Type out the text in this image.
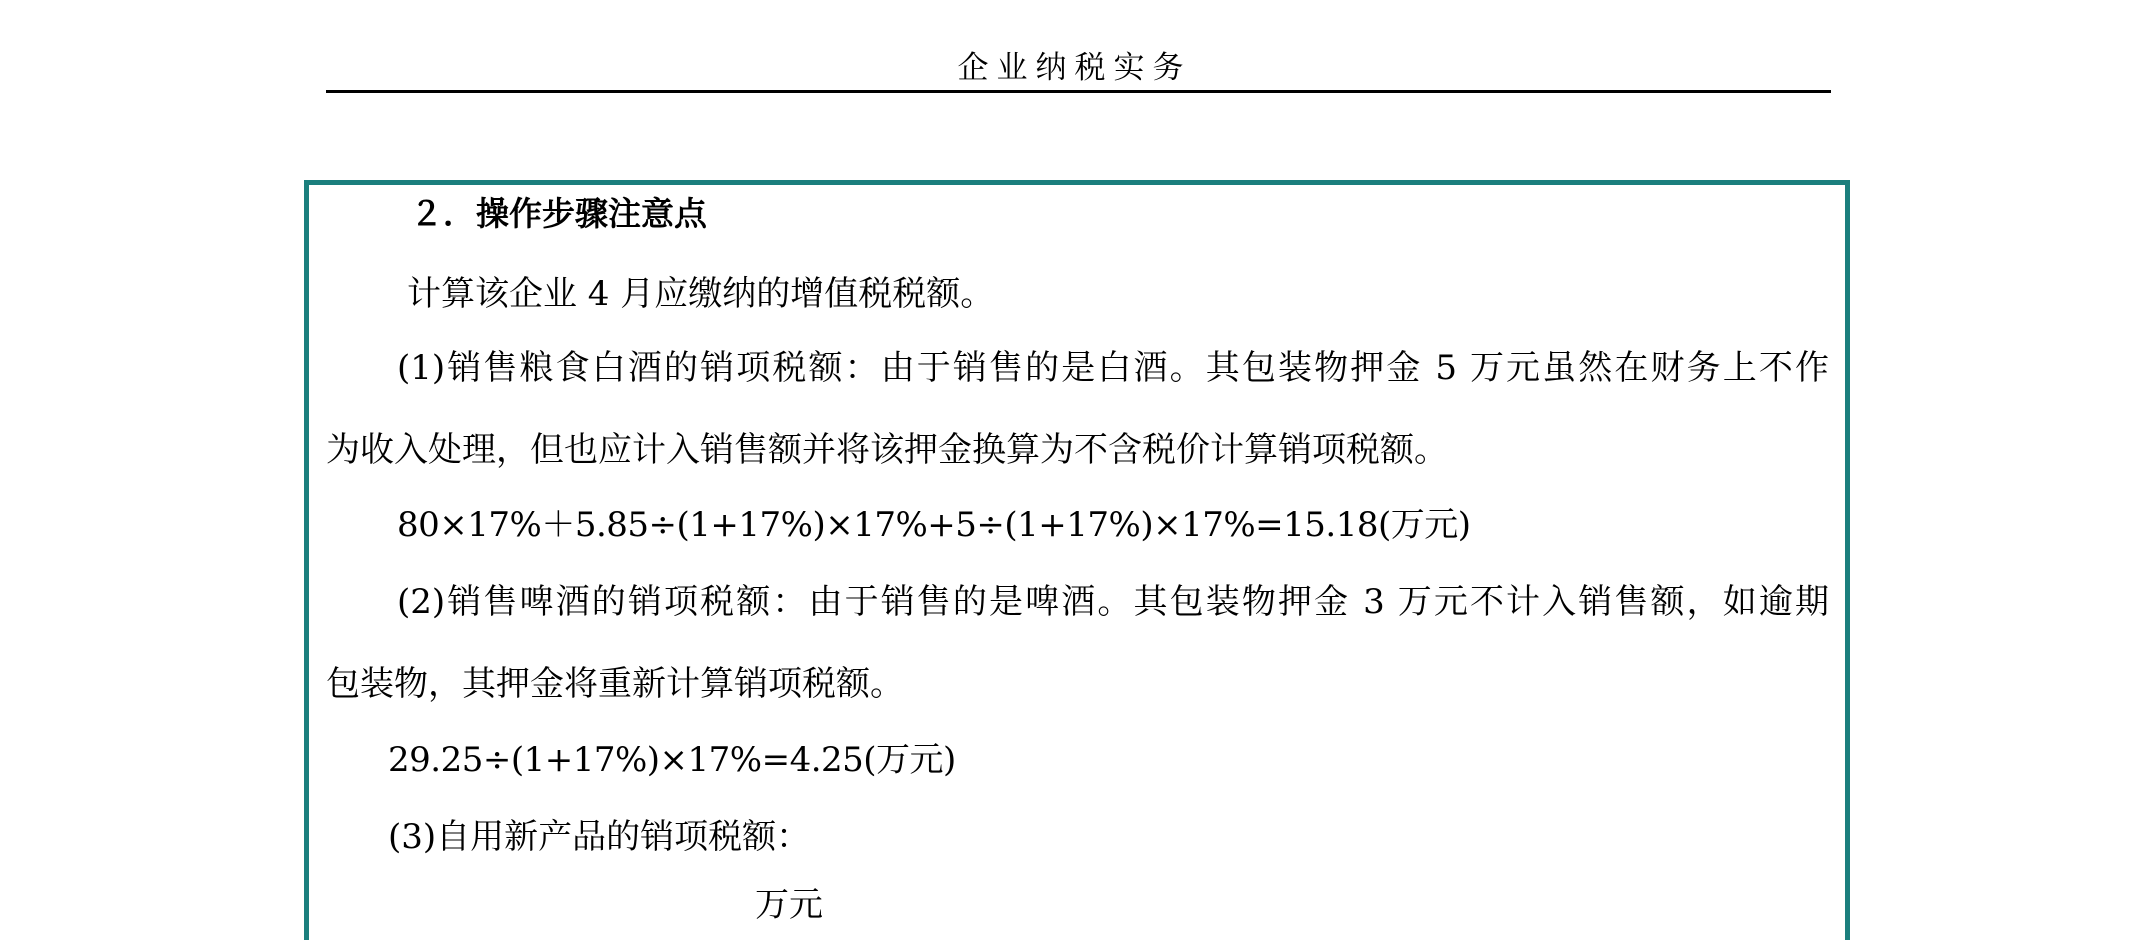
企业纳税实务
２．操作步骤注意点
计算该企业 4 月应缴纳的增值税税额。
(1)销售粮食白酒的销项税额：由于销售的是白酒。其包装物押金 5 万元虽然在财务上不作
为收入处理，但也应计入销售额并将该押金换算为不含税价计算销项税额。
80×17%＋5.85÷(1+17%)×17%+5÷(1+17%)×17%=15.18(万元)
(2)销售啤酒的销项税额：由于销售的是啤酒。其包装物押金 3 万元不计入销售额，如逾期
包装物，其押金将重新计算销项税额。
29.25÷(1+17%)×17%=4.25(万元)
(3)自用新产品的销项税额：
万元
